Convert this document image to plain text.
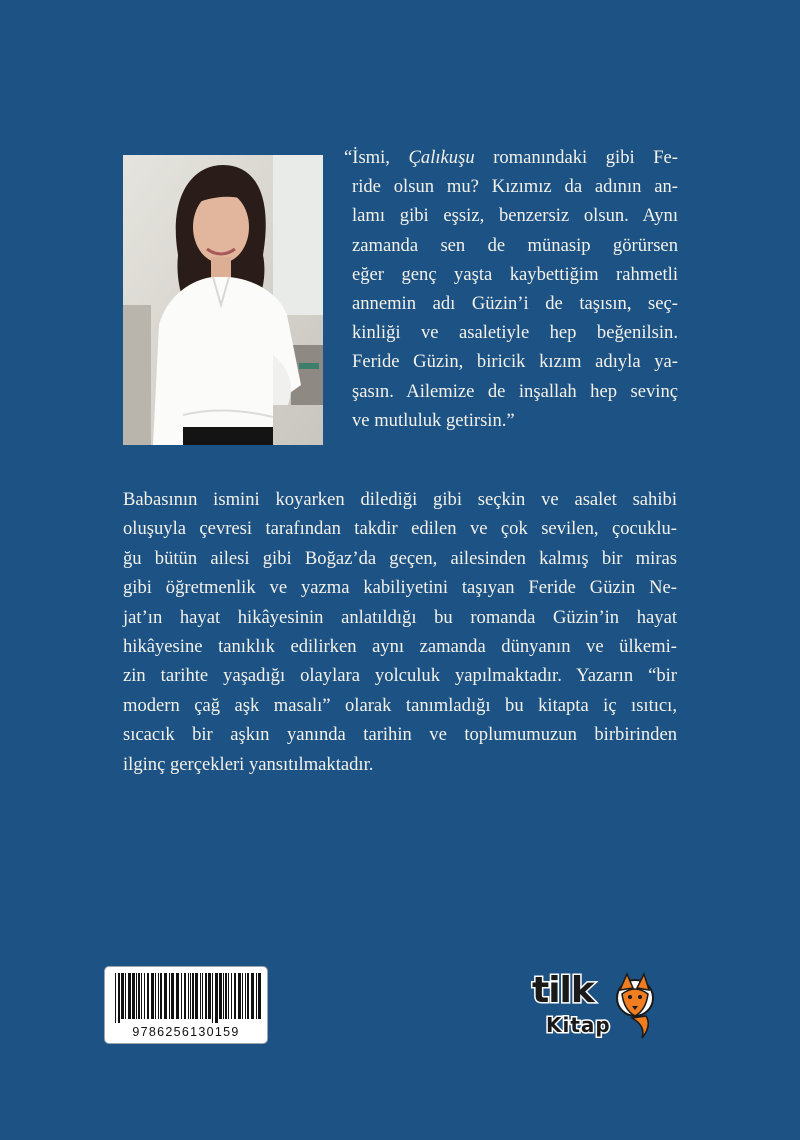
“İsmi, Çalıkuşu romanındaki gibi Fe-
ride olsun mu? Kızımız da adının an-
lamı gibi eşsiz, benzersiz olsun. Aynı
zamanda sen de münasip görürsen
eğer genç yaşta kaybettiğim rahmetli
annemin adı Güzin’i de taşısın, seç-
kinliği ve asaletiyle hep beğenilsin.
Feride Güzin, biricik kızım adıyla ya-
şasın. Ailemize de inşallah hep sevinç
ve mutluluk getirsin.”
Babasının ismini koyarken dilediği gibi seçkin ve asalet sahibi
oluşuyla çevresi tarafından takdir edilen ve çok sevilen, çocuklu-
ğu bütün ailesi gibi Boğaz’da geçen, ailesinden kalmış bir miras
gibi öğretmenlik ve yazma kabiliyetini taşıyan Feride Güzin Ne-
jat’ın hayat hikâyesinin anlatıldığı bu romanda Güzin’in hayat
hikâyesine tanıklık edilirken aynı zamanda dünyanın ve ülkemi-
zin tarihte yaşadığı olaylara yolculuk yapılmaktadır. Yazarın “bir
modern çağ aşk masalı” olarak tanımladığı bu kitapta iç ısıtıcı,
sıcacık bir aşkın yanında tarihin ve toplumumuzun birbirinden
ilginç gerçekleri yansıtılmaktadır.
9786256130159
tilk
Kitap
